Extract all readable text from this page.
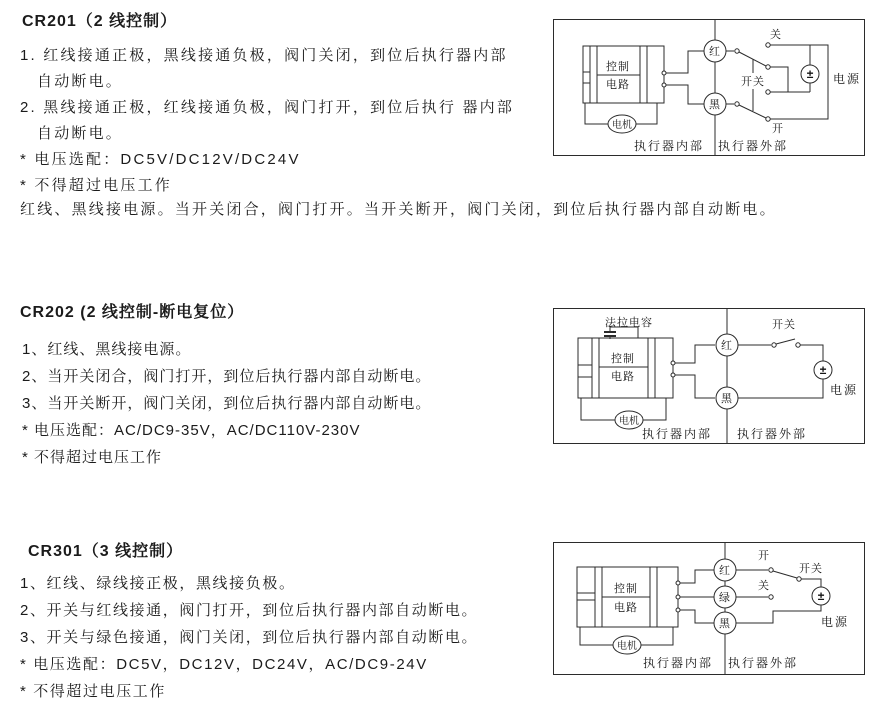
CR201（2 线控制）
1. 红线接通正极，黑线接通负极，阀门关闭，到位后执行器内部
自动断电。
2. 黑线接通正极，红线接通负极，阀门打开，到位后执行 器内部
自动断电。
* 电压选配：DC5V/DC12V/DC24V
* 不得超过电压工作
红线、黑线接电源。当开关闭合，阀门打开。当开关断开，阀门关闭，到位后执行器内部自动断电。
控制
电路
电机
红
黑
开关
关
开
± 电源
执行器内部 执行器外部
CR202 (2 线控制-断电复位）
1、红线、黑线接电源。
2、当开关闭合，阀门打开，到位后执行器内部自动断电。
3、当开关断开，阀门关闭，到位后执行器内部自动断电。
* 电压选配：AC/DC9-35V，AC/DC110V-230V
* 不得超过电压工作
法拉电容
控制
电路
电机
红
黑
开关
±
电源
执行器内部 执行器外部
CR301（3 线控制）
1、红线、绿线接正极，黑线接负极。
2、开关与红线接通，阀门打开，到位后执行器内部自动断电。
3、开关与绿色接通，阀门关闭，到位后执行器内部自动断电。
* 电压选配：DC5V，DC12V，DC24V，AC/DC9-24V
* 不得超过电压工作
控制
电路
电机
红
绿
黑
开
关
开关
±
电源
执行器内部 执行器外部
